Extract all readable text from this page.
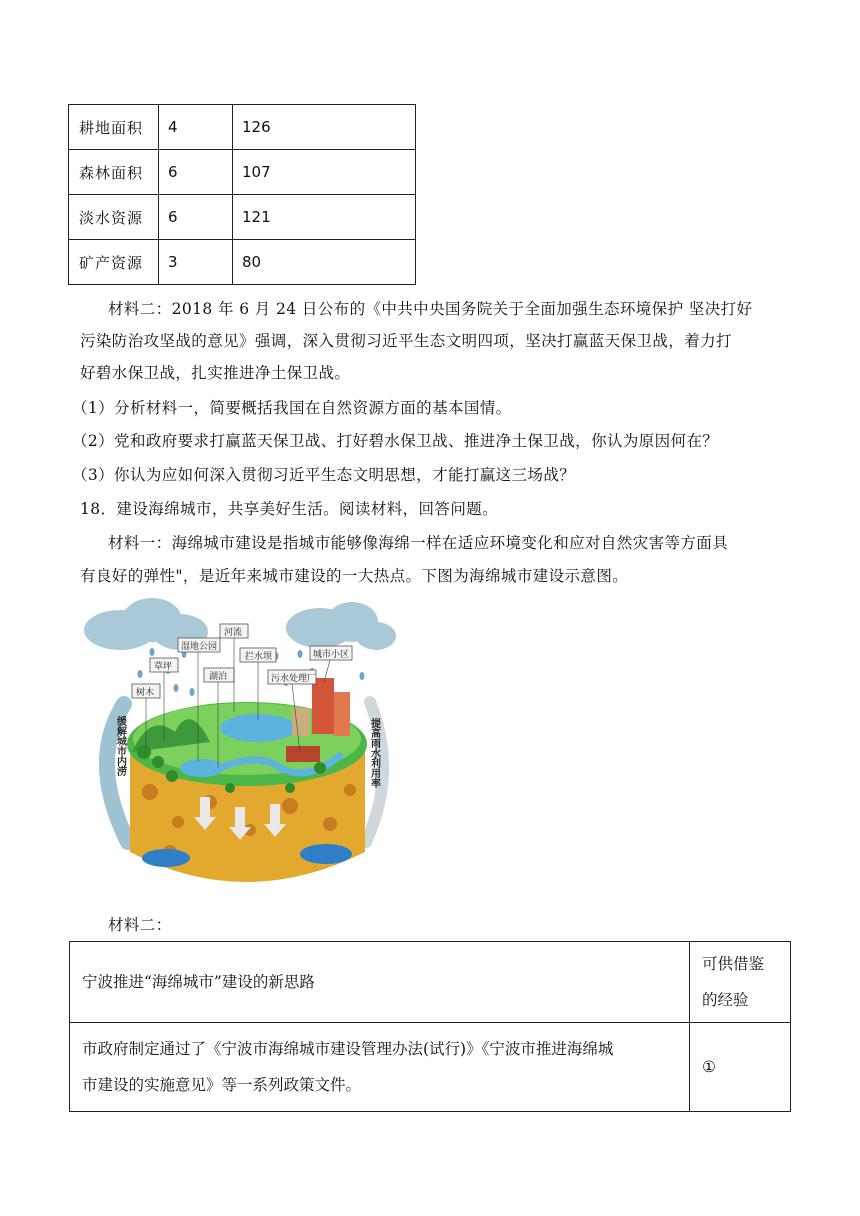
耕地面积	4	126
森林面积	6	107
淡水资源	6	121
矿产资源	3	80
材料二：2018 年 6 月 24 日公布的《中共中央国务院关于全面加强生态环境保护 坚决打好
污染防治攻坚战的意见》强调，深入贯彻习近平生态文明四项，坚决打赢蓝天保卫战，着力打
好碧水保卫战，扎实推进净土保卫战。
（1）分析材料一，简要概括我国在自然资源方面的基本国情。
（2）党和政府要求打赢蓝天保卫战、打好碧水保卫战、推进净土保卫战，你认为原因何在？
（3）你认为应如何深入贯彻习近平生态文明思想，才能打赢这三场战？
18．建设海绵城市，共享美好生活。阅读材料，回答问题。
材料一：海绵城市建设是指城市能够像海绵一样在适应环境变化和应对自然灾害等方面具
有良好的弹性"，是近年来城市建设的一大热点。下图为海绵城市建设示意图。
河流
湿地公园
拦水坝	城市小区
草坪
湖泊	污水处理厂
树木
缓解城市内涝	提高雨水利用率
材料二：
宁波推进“海绵城市”建设的新思路	可供借鉴
的经验

市政府制定通过了《宁波市海绵城市建设管理办法(试行)》《宁波市推进海绵城
市建设的实施意见》等一系列政策文件。	①
